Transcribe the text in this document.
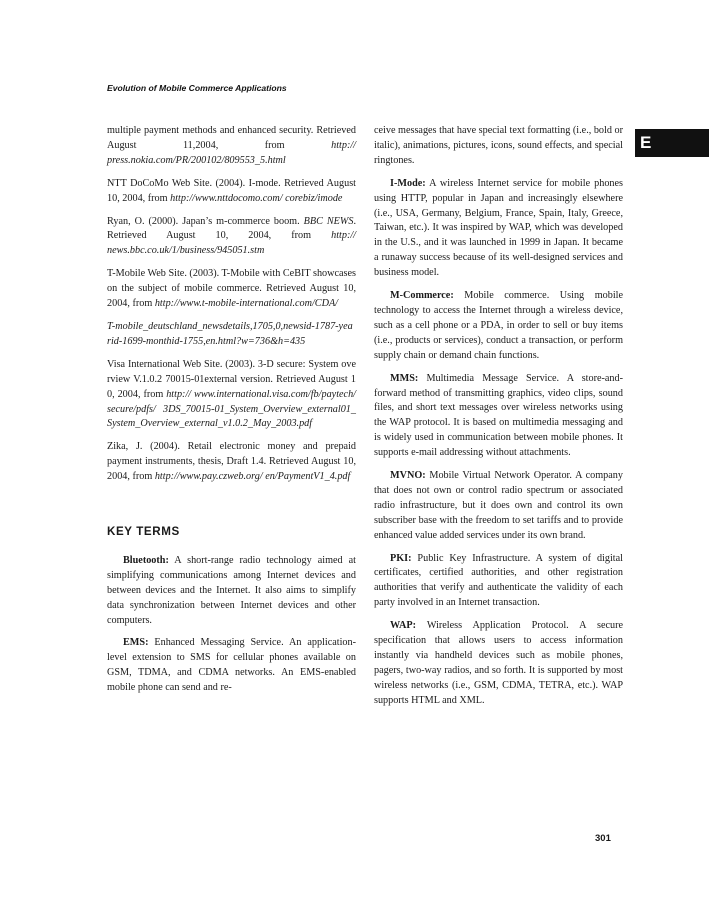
Evolution of Mobile Commerce Applications
E

multiple payment methods and enhanced security. Retrieved August 11,2004, from http:// press.nokia.com/PR/200102/809553_5.html

NTT DoCoMo Web Site. (2004). I-mode. Retrieved August 10, 2004, from http://www.nttdocomo.com/ corebiz/imode

Ryan, O. (2000). Japan’s m-commerce boom. BBC NEWS. Retrieved August 10, 2004, from http:// news.bbc.co.uk/1/business/945051.stm

T-Mobile Web Site. (2003). T-Mobile with CeBIT showcases on the subject of mobile commerce. Retrieved August 10, 2004, from http://www.t-mobile-international.com/CDA/

T-mobile_deutschland_newsdetails,1705,0,newsid-1787-yearid-1699-monthid-1755,en.html?w=736&h=435

Visa International Web Site. (2003). 3-D secure: System overview V.1.0.2 70015-01external version. Retrieved August 10, 2004, from http:// www.international.visa.com/fb/paytech/secure/pdfs/ 3DS_70015-01_System_Overview_external01_System_Overview_external_v1.0.2_May_2003.pdf

Zika, J. (2004). Retail electronic money and prepaid payment instruments, thesis, Draft 1.4. Retrieved August 10, 2004, from http://www.pay.czweb.org/ en/PaymentV1_4.pdf

KEY TERMS

Bluetooth: A short-range radio technology aimed at simplifying communications among Internet devices and between devices and the Internet. It also aims to simplify data synchronization between Internet devices and other computers.

EMS: Enhanced Messaging Service. An application-level extension to SMS for cellular phones available on GSM, TDMA, and CDMA networks. An EMS-enabled mobile phone can send and re-

ceive messages that have special text formatting (i.e., bold or italic), animations, pictures, icons, sound effects, and special ringtones.

I-Mode: A wireless Internet service for mobile phones using HTTP, popular in Japan and increasingly elsewhere (i.e., USA, Germany, Belgium, France, Spain, Italy, Greece, Taiwan, etc.). It was inspired by WAP, which was developed in the U.S., and it was launched in 1999 in Japan. It became a runaway success because of its well-designed services and business model.

M-Commerce: Mobile commerce. Using mobile technology to access the Internet through a wireless device, such as a cell phone or a PDA, in order to sell or buy items (i.e., products or services), conduct a transaction, or perform supply chain or demand chain functions.

MMS: Multimedia Message Service. A store-and-forward method of transmitting graphics, video clips, sound files, and short text messages over wireless networks using the WAP protocol. It is based on multimedia messaging and is widely used in communication between mobile phones. It supports e-mail addressing without attachments.

MVNO: Mobile Virtual Network Operator. A company that does not own or control radio spectrum or associated radio infrastructure, but it does own and control its own subscriber base with the freedom to set tariffs and to provide enhanced value added services under its own brand.

PKI: Public Key Infrastructure. A system of digital certificates, certified authorities, and other registration authorities that verify and authenticate the validity of each party involved in an Internet transaction.

WAP: Wireless Application Protocol. A secure specification that allows users to access information instantly via handheld devices such as mobile phones, pagers, two-way radios, and so forth. It is supported by most wireless networks (i.e., GSM, CDMA, TETRA, etc.). WAP supports HTML and XML.

301
